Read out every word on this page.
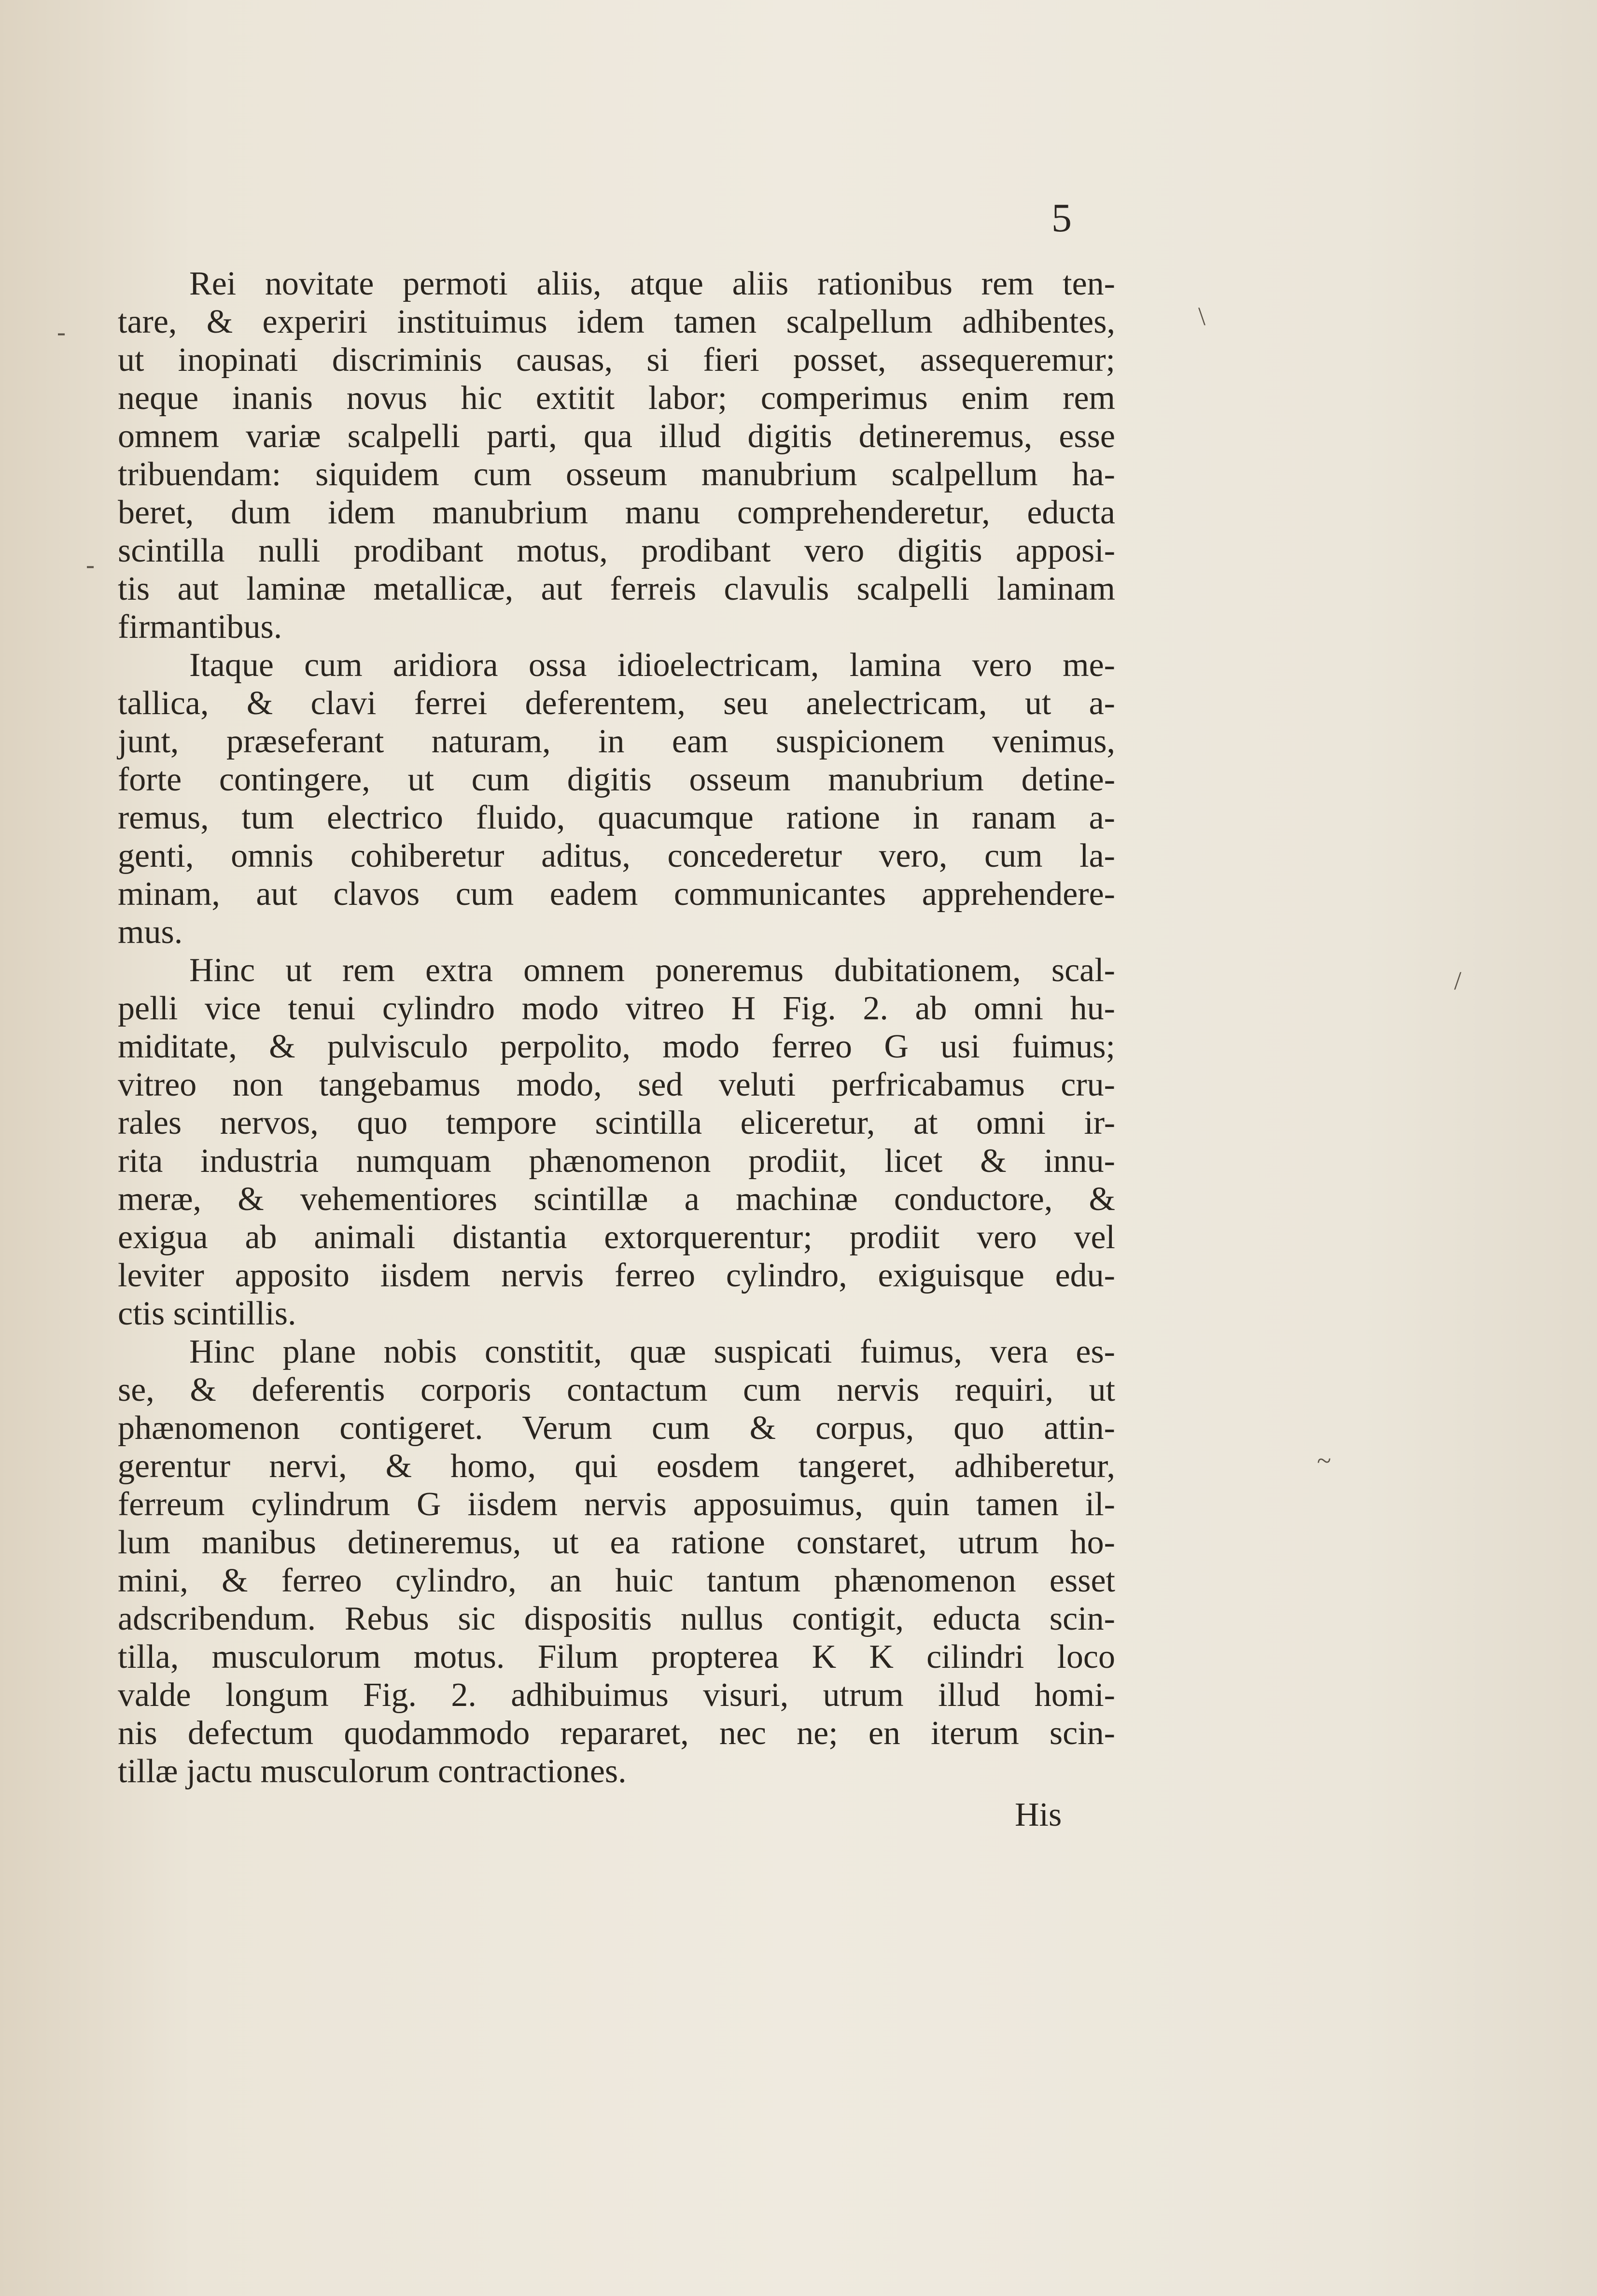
5
Rei novitate permoti aliis, atque aliis rationibus rem ten-
tare, & experiri instituimus idem tamen scalpellum adhibentes,
ut inopinati discriminis causas, si fieri posset, assequeremur;
neque inanis novus hic extitit labor; comperimus enim rem
omnem variæ scalpelli parti, qua illud digitis detineremus, esse
tribuendam: siquidem cum osseum manubrium scalpellum ha-
beret, dum idem manubrium manu comprehenderetur, educta
scintilla nulli prodibant motus, prodibant vero digitis apposi-
tis aut laminæ metallicæ, aut ferreis clavulis scalpelli laminam
firmantibus.
Itaque cum aridiora ossa idioelectricam, lamina vero me-
tallica, & clavi ferrei deferentem, seu anelectricam, ut a-
junt, præseferant naturam, in eam suspicionem venimus,
forte contingere, ut cum digitis osseum manubrium detine-
remus, tum electrico fluido, quacumque ratione in ranam a-
genti, omnis cohiberetur aditus, concederetur vero, cum la-
minam, aut clavos cum eadem communicantes apprehendere-
mus.
Hinc ut rem extra omnem poneremus dubitationem, scal-
pelli vice tenui cylindro modo vitreo H Fig. 2. ab omni hu-
miditate, & pulvisculo perpolito, modo ferreo G usi fuimus;
vitreo non tangebamus modo, sed veluti perfricabamus cru-
rales nervos, quo tempore scintilla eliceretur, at omni ir-
rita industria numquam phænomenon prodiit, licet & innu-
meræ, & vehementiores scintillæ a machinæ conductore, &
exigua ab animali distantia extorquerentur; prodiit vero vel
leviter apposito iisdem nervis ferreo cylindro, exiguisque edu-
ctis scintillis.
Hinc plane nobis constitit, quæ suspicati fuimus, vera es-
se, & deferentis corporis contactum cum nervis requiri, ut
phænomenon contigeret. Verum cum & corpus, quo attin-
gerentur nervi, & homo, qui eosdem tangeret, adhiberetur,
ferreum cylindrum G iisdem nervis apposuimus, quin tamen il-
lum manibus detineremus, ut ea ratione constaret, utrum ho-
mini, & ferreo cylindro, an huic tantum phænomenon esset
adscribendum. Rebus sic dispositis nullus contigit, educta scin-
tilla, musculorum motus. Filum propterea K K cilindri loco
valde longum Fig. 2. adhibuimus visuri, utrum illud homi-
nis defectum quodammodo repararet, nec ne; en iterum scin-
tillæ jactu musculorum contractiones.
His
-
-
\
/
~
